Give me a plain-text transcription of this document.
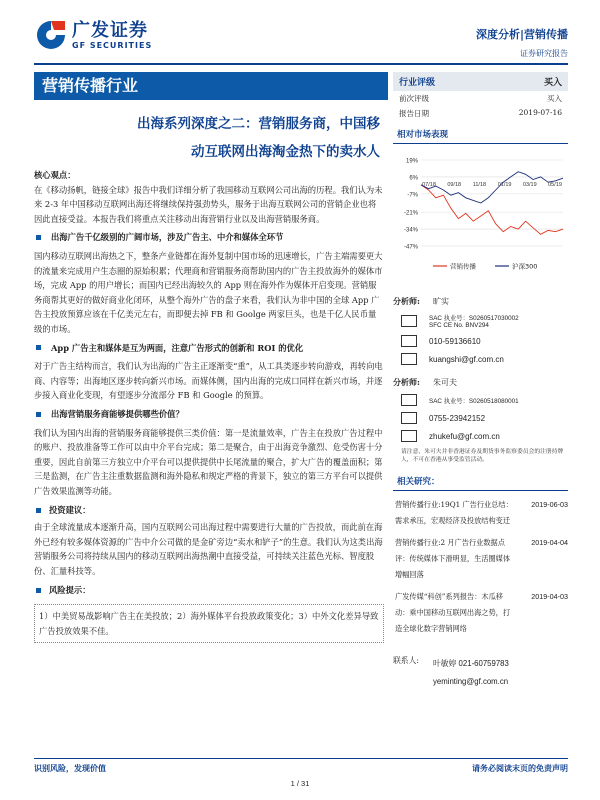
广发证券
GF SECURITIES
深度分析|营销传播
证券研究报告
营销传播行业
出海系列深度之二：营销服务商，中国移
动互联网出海淘金热下的卖水人

核心观点：

在《移动扬帆，链接全球》报告中我们详细分析了我国移动互联网公司出海的历程。我们认为未来 2-3 年中国移动互联网出海还将继续保持强劲势头，服务于出海互联网公司的营销企业也将因此直接受益。本报告我们将重点关注移动出海营销行业以及出海营销服务商。

出海广告千亿级别的广阔市场，涉及广告主、中介和媒体全环节

国内移动互联网出海热之下，整条产业链都在海外复制中国市场的迅速增长，广告主端需要更大的流量来完成用户生态圈的原始积累；代理商和营销服务商帮助国内的广告主投放海外的媒体市场，完成 App 的用户增长；而国内已经出海较久的 App 则在海外作为媒体开启变现。营销服务商帮其更好的做好商业化闭环，从整个海外广告的盘子来看，我们认为非中国的全球 App 广告主投放预算应该在千亿美元左右，而即便去掉 FB 和 Goolge 两家巨头，也是千亿人民币量级的市场。

App 广告主和媒体是互为两面，注意广告形式的创新和 ROI 的优化

对于广告主结构而言，我们认为出海的广告主正逐渐变“重”，从工具类逐步转向游戏，再转向电商、内容等；出海地区逐步转向新兴市场。而媒体侧，国内出海的完成口同样在新兴市场，并逐步接入商业化变现，有望逐步分流部分 FB 和 Google 的预算。

出海营销服务商能够提供哪些价值？

我们认为国内出海的营销服务商能够提供三类价值：第一是流量效率，广告主在投放广告过程中的账户、投放准备等工作可以由中介平台完成；第二是聚合，由于出海竞争激烈、危受伤害十分重要，因此自前第三方独立中介平台可以提供提供中长尾流量的聚合，扩大广告的覆盖面积；第三是监测，在广告主注重数据监测和海外隐私和规定严格的背景下，独立的第三方平台可以提供广告效果监测等功能。

投资建议：

由于全球流量成本逐渐升高，国内互联网公司出海过程中需要进行大量的广告投放，而此前在海外已经有较多媒体资源的广告中介公司做的是金矿旁边“卖水和铲子”的生意。我们认为这类出海营销服务公司将持续从国内的移动互联网出海热潮中直接受益，可持续关注蓝色光标、智度股份、汇量科技等。

风险提示：
1）中美贸易战影响广告主在美投放；2）海外媒体平台投放政策变化；3）中外文化差异导致广告投放效果不佳。
行业评级	买入
前次评级	买入
报告日期	2019-07-16
相对市场表现
19%
6%
-7%
-21%
-34%
-47%
07/18 09/18 11/18 01/19 03/19 05/19
营销传播	沪深300
分析师:	旷实
SAC 执业号：S0260517030002
SFC CE No. BNV294
010-59136610
kuangshi@gf.com.cn
分析师:	朱可夫
SAC 执业号：S0260518080001
0755-23942152
zhukefu@gf.com.cn
请注意，朱可夫并非香港证券及期货事务监察委员会的注册持牌人，不可在香港从事受监管活动。
相关研究：
营销传播行业:19Q1 广告行业总结：需求承压，宏观经济及投放结构变迁
2019-06-03
营销传播行业:2 月广告行业数据点评：传统媒体下滑明显，生活圈媒体增幅回落
2019-04-04
广发传媒“科创”系列报告：木瓜移动：乘中国移动互联网出海之势，打造全球化数字营销网络
2019-04-03
联系人:	叶敏婷 021-60759783
yeminting@gf.com.cn
识别风险，发现价值	请务必阅读末页的免责声明
1 / 31
